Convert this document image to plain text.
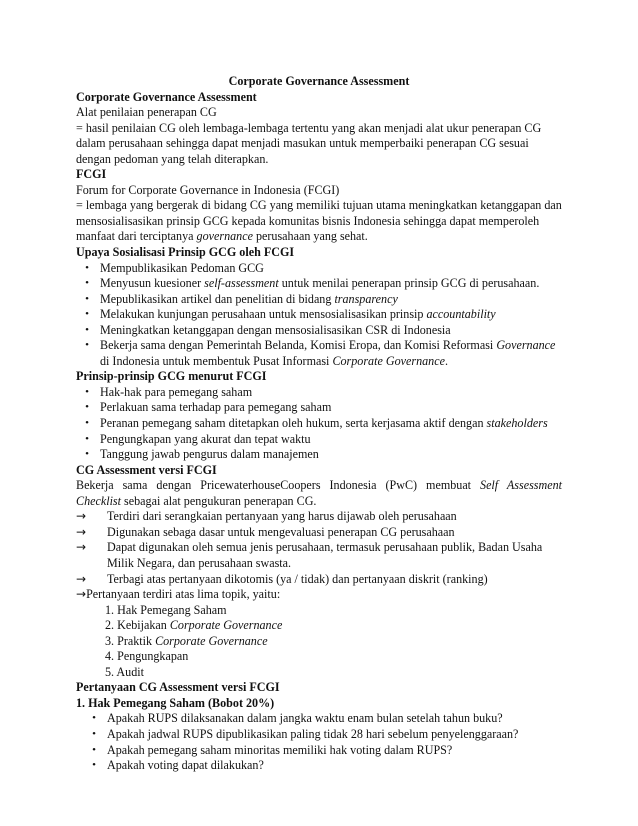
Corporate Governance Assessment

Corporate Governance Assessment

Alat penilaian penerapan CG

= hasil penilaian CG oleh lembaga-lembaga tertentu yang akan menjadi alat ukur penerapan CG dalam perusahaan sehingga dapat menjadi masukan untuk memperbaiki penerapan CG sesuai dengan pedoman yang telah diterapkan.

FCGI

Forum for Corporate Governance in Indonesia (FCGI)

= lembaga yang bergerak di bidang CG yang memiliki tujuan utama meningkatkan ketanggapan dan mensosialisasikan prinsip GCG kepada komunitas bisnis Indonesia sehingga dapat memperoleh manfaat dari terciptanya governance perusahaan yang sehat.

Upaya Sosialisasi Prinsip GCG oleh FCGI

• Mempublikasikan Pedoman GCG

• Menyusun kuesioner self-assessment untuk menilai penerapan prinsip GCG di perusahaan.

• Mepublikasikan artikel dan penelitian di bidang transparency

• Melakukan kunjungan perusahaan untuk mensosialisasikan prinsip accountability

• Meningkatkan ketanggapan dengan mensosialisasikan CSR di Indonesia

• Bekerja sama dengan Pemerintah Belanda, Komisi Eropa, dan Komisi Reformasi Governance di Indonesia untuk membentuk Pusat Informasi Corporate Governance.

Prinsip-prinsip GCG menurut FCGI

• Hak-hak para pemegang saham

• Perlakuan sama terhadap para pemegang saham

• Peranan pemegang saham ditetapkan oleh hukum, serta kerjasama aktif dengan stakeholders

• Pengungkapan yang akurat dan tepat waktu

• Tanggung jawab pengurus dalam manajemen

CG Assessment versi FCGI

Bekerja sama dengan PricewaterhouseCoopers Indonesia (PwC) membuat Self Assessment Checklist sebagai alat pengukuran penerapan CG.

→ Terdiri dari serangkaian pertanyaan yang harus dijawab oleh perusahaan

→ Digunakan sebaga dasar untuk mengevaluasi penerapan CG perusahaan

→ Dapat digunakan oleh semua jenis perusahaan, termasuk perusahaan publik, Badan Usaha Milik Negara, dan perusahaan swasta.

→ Terbagi atas pertanyaan dikotomis (ya / tidak) dan pertanyaan diskrit (ranking)

→Pertanyaan terdiri atas lima topik, yaitu:

1. Hak Pemegang Saham

2. Kebijakan Corporate Governance

3. Praktik Corporate Governance

4. Pengungkapan

5. Audit

Pertanyaan CG Assessment versi FCGI

1. Hak Pemegang Saham (Bobot 20%)

• Apakah RUPS dilaksanakan dalam jangka waktu enam bulan setelah tahun buku?

• Apakah jadwal RUPS dipublikasikan paling tidak 28 hari sebelum penyelenggaraan?

• Apakah pemegang saham minoritas memiliki hak voting dalam RUPS?

• Apakah voting dapat dilakukan?
